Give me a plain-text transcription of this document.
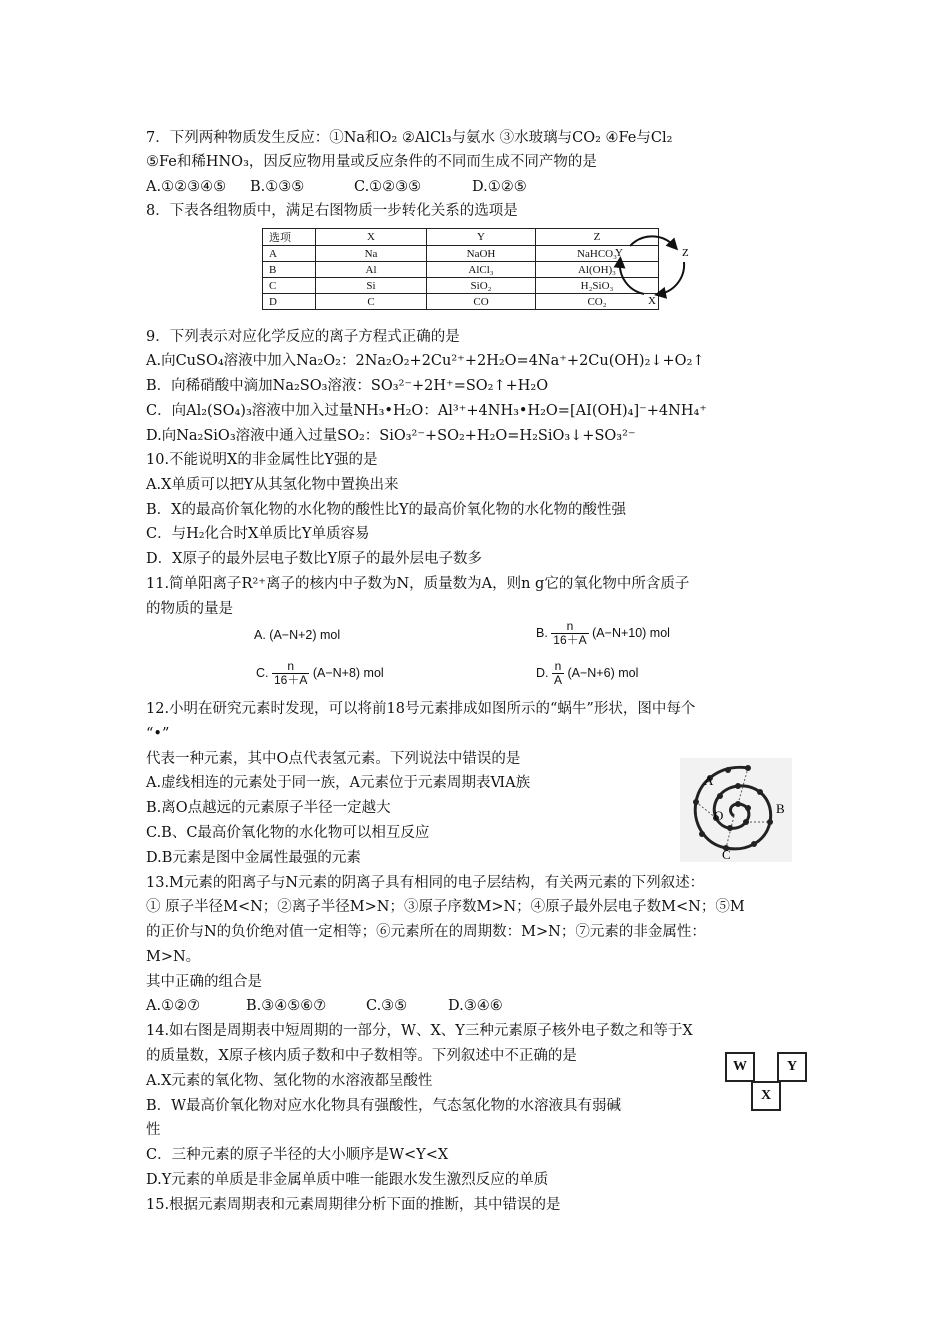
7．下列两种物质发生反应：①Na和O₂ ②AlCl₃与氨水 ③水玻璃与CO₂ ④Fe与Cl₂
⑤Fe和稀HNO₃，因反应物用量或反应条件的不同而生成不同产物的是
A.①②③④⑤ B.①③⑤	C.①②③⑤	D.①②⑤
8．下表各组物质中，满足右图物质一步转化关系的选项是
选项	X	Y	Z
A	Na	NaOH	NaHCO₃
B	Al	AlCl₃	Al(OH)₃
C	Si	SiO₂	H₂SiO₃
D	C	CO	CO₂
Y	Z
X
9．下列表示对应化学反应的离子方程式正确的是
A.向CuSO₄溶液中加入Na₂O₂：2Na₂O₂+2Cu²⁺+2H₂O=4Na⁺+2Cu(OH)₂↓+O₂↑
B．向稀硝酸中滴加Na₂SO₃溶液：SO₃²⁻+2H⁺=SO₂↑+H₂O
C．向Al₂(SO₄)₃溶液中加入过量NH₃•H₂O：Al³⁺+4NH₃•H₂O=[AI(OH)₄]⁻+4NH₄⁺
D.向Na₂SiO₃溶液中通入过量SO₂：SiO₃²⁻+SO₂+H₂O=H₂SiO₃↓+SO₃²⁻
10.不能说明X的非金属性比Y强的是
A.X单质可以把Y从其氢化物中置换出来
B．X的最高价氧化物的水化物的酸性比Y的最高价氧化物的水化物的酸性强
C．与H₂化合时X单质比Y单质容易
D．X原子的最外层电子数比Y原子的最外层电子数多
11.简单阳离子R²⁺离子的核内中子数为N，质量数为A，则n g它的氧化物中所含质子
的物质的量是
A. (A−N+2) mol	B. $\frac{n}{16+A} (A-N+10)$ mol
C. $\frac{n}{16+A} (A-N+8)$ mol	D. $\frac{n}{A} (A-N+6)$ mol
12.小明在研究元素时发现，可以将前18号元素排成如图所示的“蜗牛”形状，图中每个
“•”
代表一种元素，其中O点代表氢元素。下列说法中错误的是
A.虚线相连的元素处于同一族，A元素位于元素周期表ⅥA族
B.离O点越远的元素原子半径一定越大
C.B、C最高价氧化物的水化物可以相互反应
D.B元素是图中金属性最强的元素
A
B
C
O
13.M元素的阳离子与N元素的阴离子具有相同的电子层结构，有关两元素的下列叙述：
① 原子半径M<N；②离子半径M>N；③原子序数M>N；④原子最外层电子数M<N；⑤M
的正价与N的负价绝对值一定相等；⑥元素所在的周期数：M>N；⑦元素的非金属性：
M>N。
其中正确的组合是
A.①②⑦	B.③④⑤⑥⑦	C.③⑤	D.③④⑥
14.如右图是周期表中短周期的一部分，W、X、Y三种元素原子核外电子数之和等于X
的质量数，X原子核内质子数和中子数相等。下列叙述中不正确的是
A.X元素的氧化物、氢化物的水溶液都呈酸性
B．W最高价氧化物对应水化物具有强酸性，气态氢化物的水溶液具有弱碱
性
C．三种元素的原子半径的大小顺序是W<Y<X
D.Y元素的单质是非金属单质中唯一能跟水发生激烈反应的单质
W	Y
X
15.根据元素周期表和元素周期律分析下面的推断，其中错误的是
